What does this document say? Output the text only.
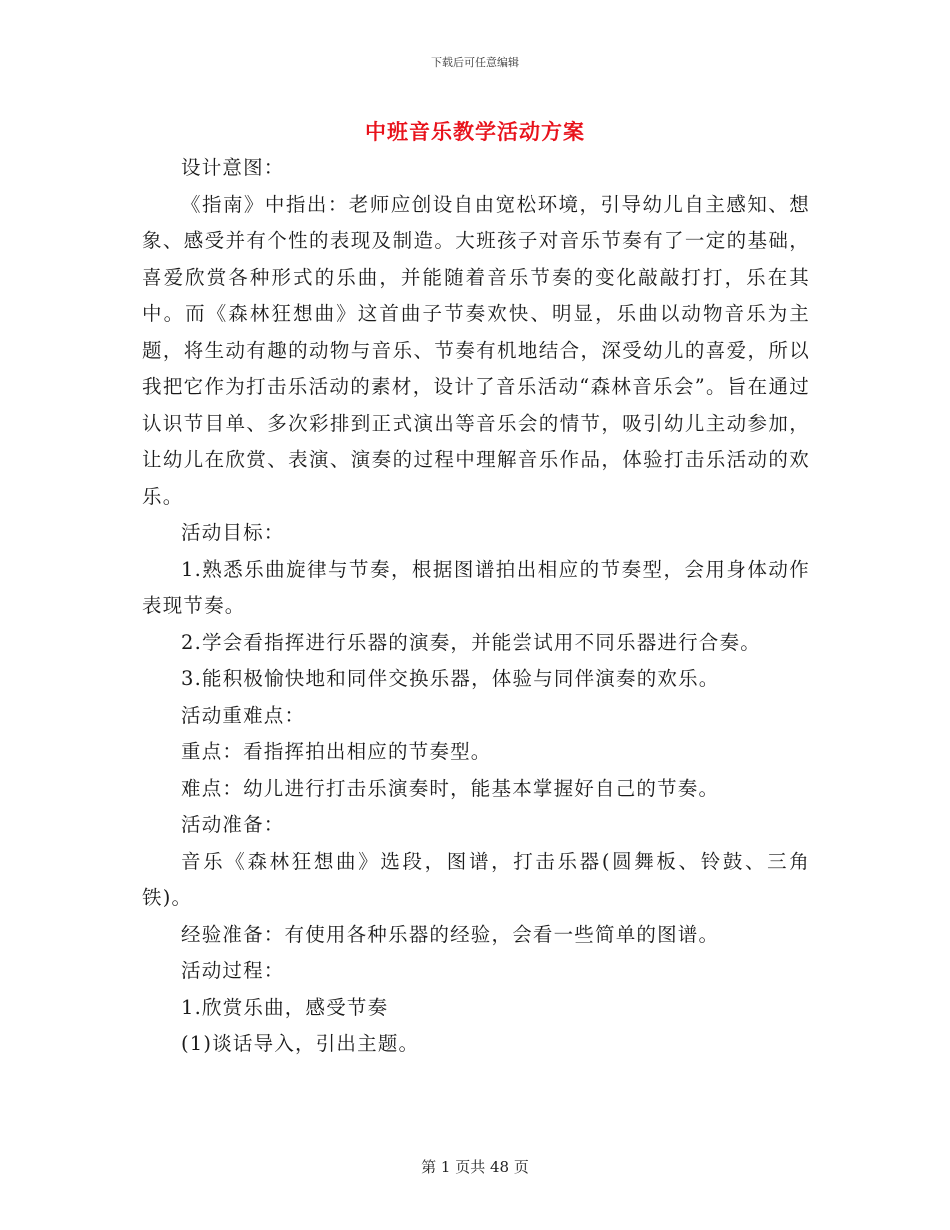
下载后可任意编辑
中班音乐教学活动方案

设计意图：

《指南》中指出：老师应创设自由宽松环境，引导幼儿自主感知、想象、感受并有个性的表现及制造。大班孩子对音乐节奏有了一定的基础，喜爱欣赏各种形式的乐曲，并能随着音乐节奏的变化敲敲打打，乐在其中。而《森林狂想曲》这首曲子节奏欢快、明显，乐曲以动物音乐为主题，将生动有趣的动物与音乐、节奏有机地结合，深受幼儿的喜爱，所以我把它作为打击乐活动的素材，设计了音乐活动“森林音乐会”。旨在通过认识节目单、多次彩排到正式演出等音乐会的情节，吸引幼儿主动参加，让幼儿在欣赏、表演、演奏的过程中理解音乐作品，体验打击乐活动的欢乐。

活动目标：

1.熟悉乐曲旋律与节奏，根据图谱拍出相应的节奏型，会用身体动作表现节奏。

2.学会看指挥进行乐器的演奏，并能尝试用不同乐器进行合奏。

3.能积极愉快地和同伴交换乐器，体验与同伴演奏的欢乐。

活动重难点：

重点：看指挥拍出相应的节奏型。

难点：幼儿进行打击乐演奏时，能基本掌握好自己的节奏。

活动准备：

音乐《森林狂想曲》选段，图谱，打击乐器(圆舞板、铃鼓、三角铁)。

经验准备：有使用各种乐器的经验，会看一些简单的图谱。

活动过程：

1.欣赏乐曲，感受节奏

(1)谈话导入，引出主题。

第 1 页共 48 页
